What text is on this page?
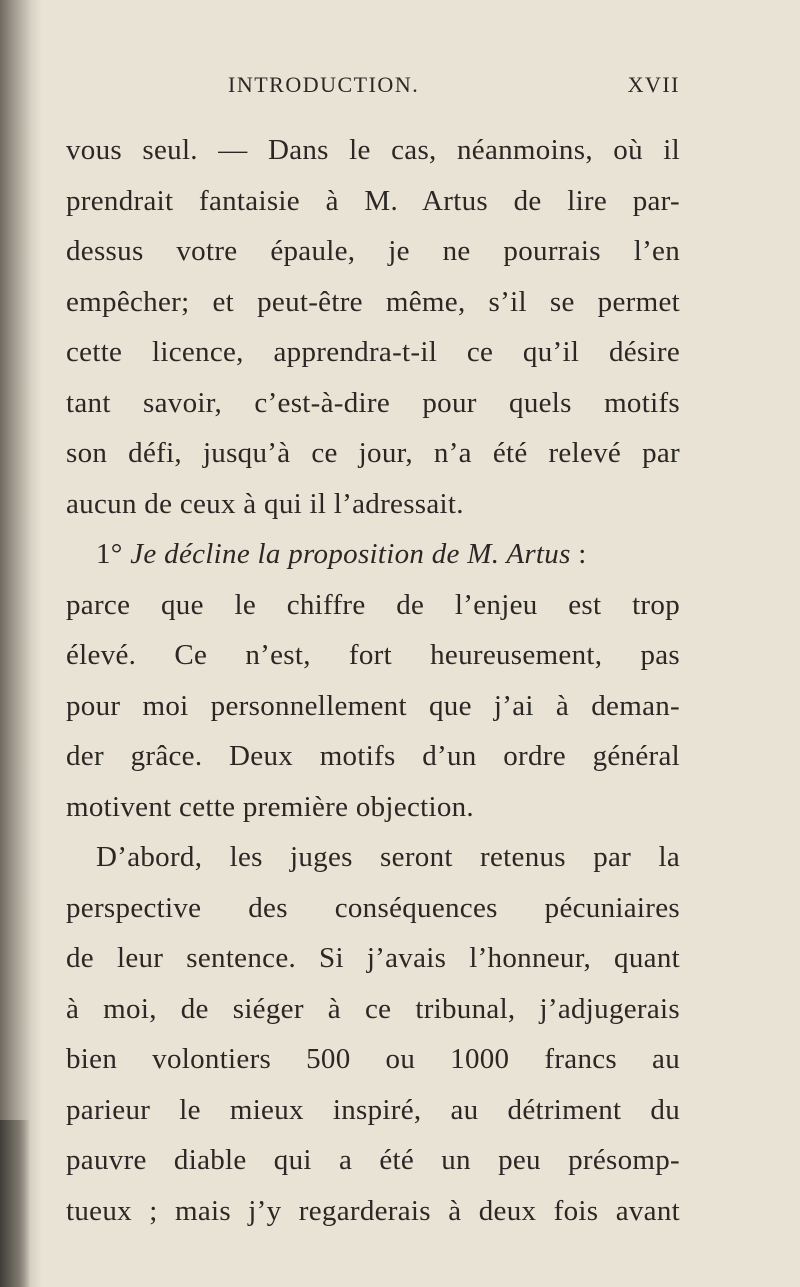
INTRODUCTION.	XVII
vous seul. — Dans le cas, néanmoins, où il
prendrait fantaisie à M. Artus de lire par-
dessus votre épaule, je ne pourrais l’en
empêcher; et peut-être même, s’il se permet
cette licence, apprendra-t-il ce qu’il désire
tant savoir, c’est-à-dire pour quels motifs
son défi, jusqu’à ce jour, n’a été relevé par
aucun de ceux à qui il l’adressait.
1° Je décline la proposition de M. Artus :
parce que le chiffre de l’enjeu est trop
élevé. Ce n’est, fort heureusement, pas
pour moi personnellement que j’ai à deman-
der grâce. Deux motifs d’un ordre général
motivent cette première objection.
D’abord, les juges seront retenus par la
perspective des conséquences pécuniaires
de leur sentence. Si j’avais l’honneur, quant
à moi, de siéger à ce tribunal, j’adjugerais
bien volontiers 500 ou 1000 francs au
parieur le mieux inspiré, au détriment du
pauvre diable qui a été un peu présomp-
tueux ; mais j’y regarderais à deux fois avant
